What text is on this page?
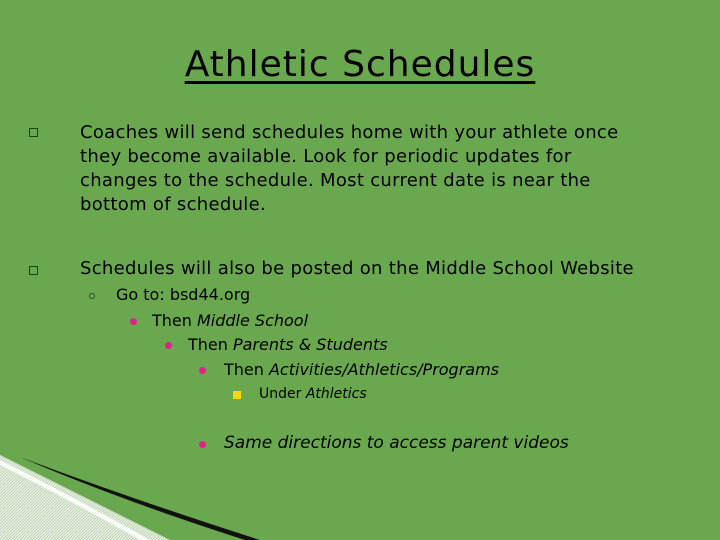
Athletic Schedules
Coaches will send schedules home with your athlete once
they become available. Look for periodic updates for
changes to the schedule. Most current date is near the
bottom of schedule.
Schedules will also be posted on the Middle School Website
Go to: bsd44.org
Then Middle School
Then Parents & Students
Then Activities/Athletics/Programs
Under Athletics
Same directions to access parent videos
